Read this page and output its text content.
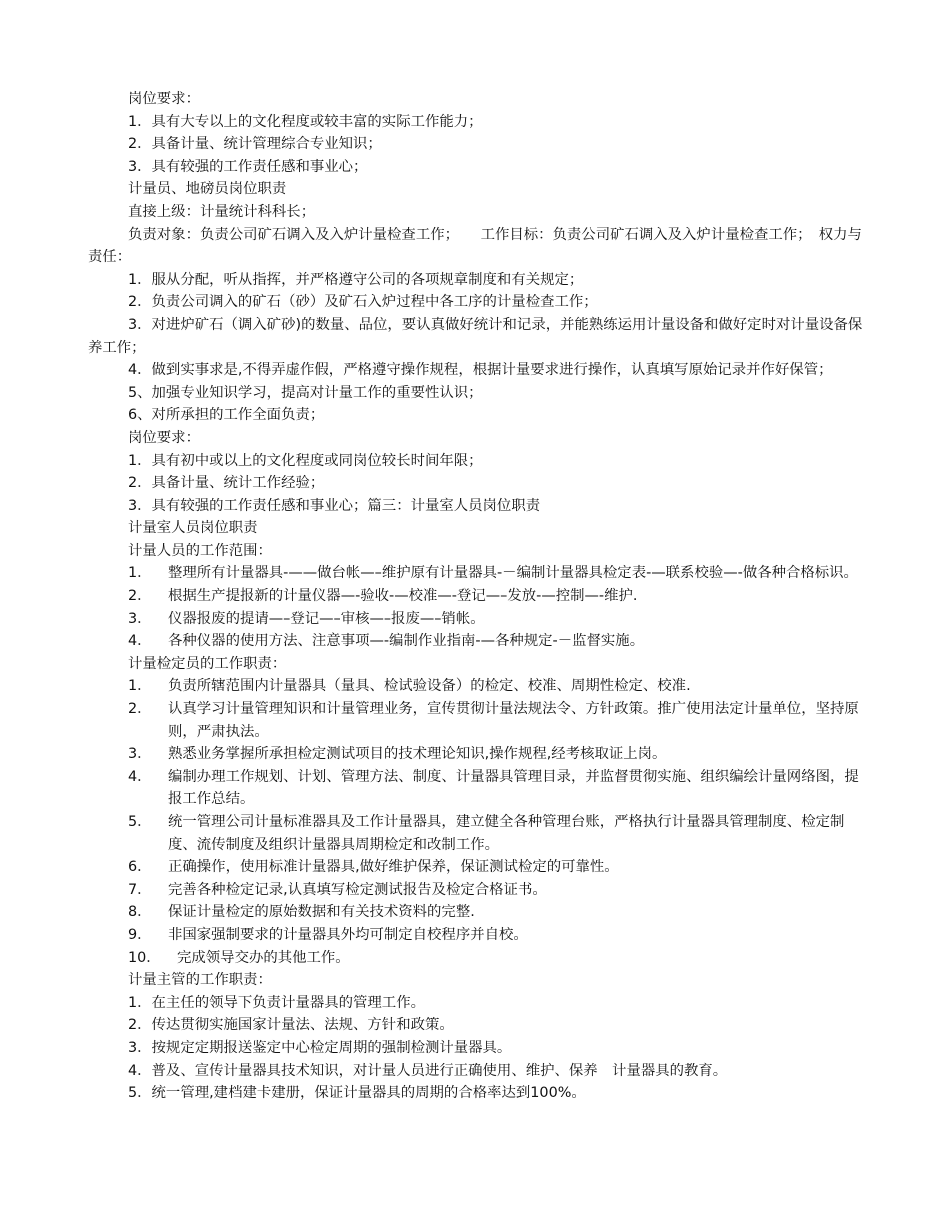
岗位要求：

1．具有大专以上的文化程度或较丰富的实际工作能力；

2．具备计量、统计管理综合专业知识；

3．具有较强的工作责任感和事业心；

计量员、地磅员岗位职责

直接上级：计量统计科科长；

负责对象：负责公司矿石调入及入炉计量检查工作；　　工作目标：负责公司矿石调入及入炉计量检查工作；　权力与责任：

1．服从分配，听从指挥，并严格遵守公司的各项规章制度和有关规定；

2．负责公司调入的矿石（砂）及矿石入炉过程中各工序的计量检查工作；

3．对进炉矿石（调入矿砂)的数量、品位，要认真做好统计和记录，并能熟练运用计量设备和做好定时对计量设备保养工作；

4．做到实事求是,不得弄虚作假，严格遵守操作规程，根据计量要求进行操作，认真填写原始记录并作好保管；

5、加强专业知识学习，提高对计量工作的重要性认识；

6、对所承担的工作全面负责；

岗位要求：

1．具有初中或以上的文化程度或同岗位较长时间年限；

2．具备计量、统计工作经验；

3．具有较强的工作责任感和事业心；篇三：计量室人员岗位职责

计量室人员岗位职责

计量人员的工作范围：

1．	整理所有计量器具-——做台帐—–维护原有计量器具-－编制计量器具检定表-—联系校验—-做各种合格标识。
2．	根据生产提报新的计量仪器—-验收-—校准—-登记—–发放-—控制—-维护.
3．	仪器报废的提请—–登记—–审核—–报废—–销帐。
4．	各种仪器的使用方法、注意事项—-编制作业指南-—各种规定-－监督实施。

计量检定员的工作职责：

1．	负责所辖范围内计量器具（量具、检试验设备）的检定、校准、周期性检定、校准.
2．	认真学习计量管理知识和计量管理业务，宣传贯彻计量法规法令、方针政策。推广使用法定计量单位，坚持原则，严肃执法。
3．	熟悉业务掌握所承担检定测试项目的技术理论知识,操作规程,经考核取证上岗。
4．	编制办理工作规划、计划、管理方法、制度、计量器具管理目录，并监督贯彻实施、组织编绘计量网络图，提报工作总结。
5．	统一管理公司计量标准器具及工作计量器具，建立健全各种管理台账，严格执行计量器具管理制度、检定制度、流传制度及组织计量器具周期检定和改制工作。
6．	正确操作，使用标准计量器具,做好维护保养，保证测试检定的可靠性。
7．	完善各种检定记录,认真填写检定测试报告及检定合格证书。
8．	保证计量检定的原始数据和有关技术资料的完整.
9．	非国家强制要求的计量器具外均可制定自校程序并自校。
10．	完成领导交办的其他工作。

计量主管的工作职责：

1．在主任的领导下负责计量器具的管理工作。

2．传达贯彻实施国家计量法、法规、方针和政策。

3．按规定定期报送鉴定中心检定周期的强制检测计量器具。

4．普及、宣传计量器具技术知识，对计量人员进行正确使用、维护、保养　计量器具的教育。

5．统一管理,建档建卡建册，保证计量器具的周期的合格率达到100%。
